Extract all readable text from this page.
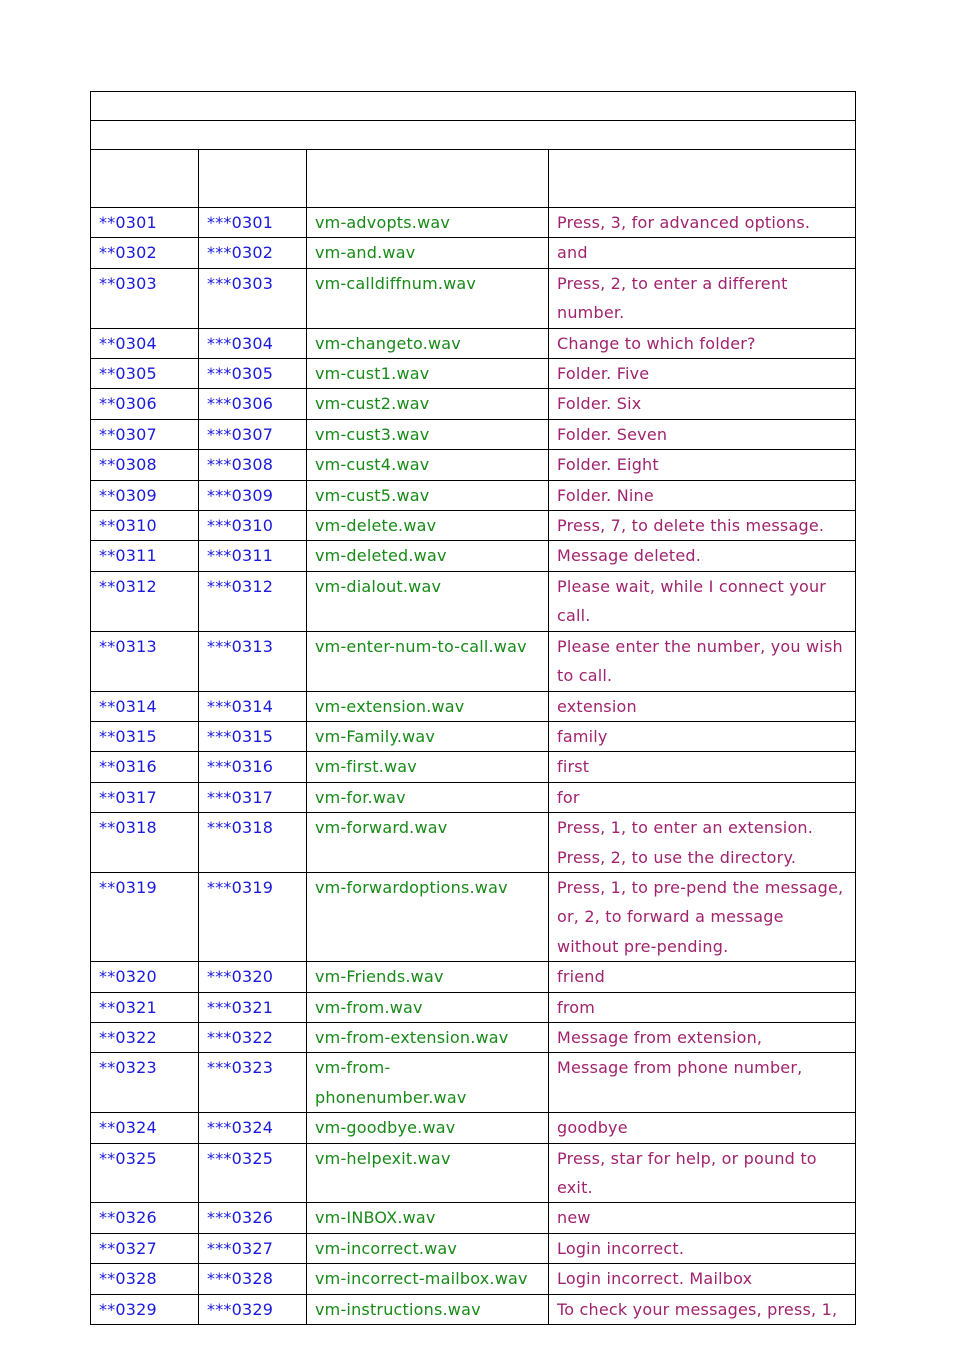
**0301	***0301	vm-advopts.wav	Press, 3, for advanced options.
**0302	***0302	vm-and.wav	and
**0303	***0303	vm-calldiffnum.wav	Press, 2, to enter a different number.
**0304	***0304	vm-changeto.wav	Change to which folder?
**0305	***0305	vm-cust1.wav	Folder. Five
**0306	***0306	vm-cust2.wav	Folder. Six
**0307	***0307	vm-cust3.wav	Folder. Seven
**0308	***0308	vm-cust4.wav	Folder. Eight
**0309	***0309	vm-cust5.wav	Folder. Nine
**0310	***0310	vm-delete.wav	Press, 7, to delete this message.
**0311	***0311	vm-deleted.wav	Message deleted.
**0312	***0312	vm-dialout.wav	Please wait, while I connect your call.
**0313	***0313	vm-enter-num-to-call.wav	Please enter the number, you wish to call.
**0314	***0314	vm-extension.wav	extension
**0315	***0315	vm-Family.wav	family
**0316	***0316	vm-first.wav	first
**0317	***0317	vm-for.wav	for
**0318	***0318	vm-forward.wav	Press, 1, to enter an extension. Press, 2, to use the directory.
**0319	***0319	vm-forwardoptions.wav	Press, 1, to pre-pend the message, or, 2, to forward a message without pre-pending.
**0320	***0320	vm-Friends.wav	friend
**0321	***0321	vm-from.wav	from
**0322	***0322	vm-from-extension.wav	Message from extension,
**0323	***0323	vm-from-phonenumber.wav	Message from phone number,
**0324	***0324	vm-goodbye.wav	goodbye
**0325	***0325	vm-helpexit.wav	Press, star for help, or pound to exit.
**0326	***0326	vm-INBOX.wav	new
**0327	***0327	vm-incorrect.wav	Login incorrect.
**0328	***0328	vm-incorrect-mailbox.wav	Login incorrect. Mailbox
**0329	***0329	vm-instructions.wav	To check your messages, press, 1,
